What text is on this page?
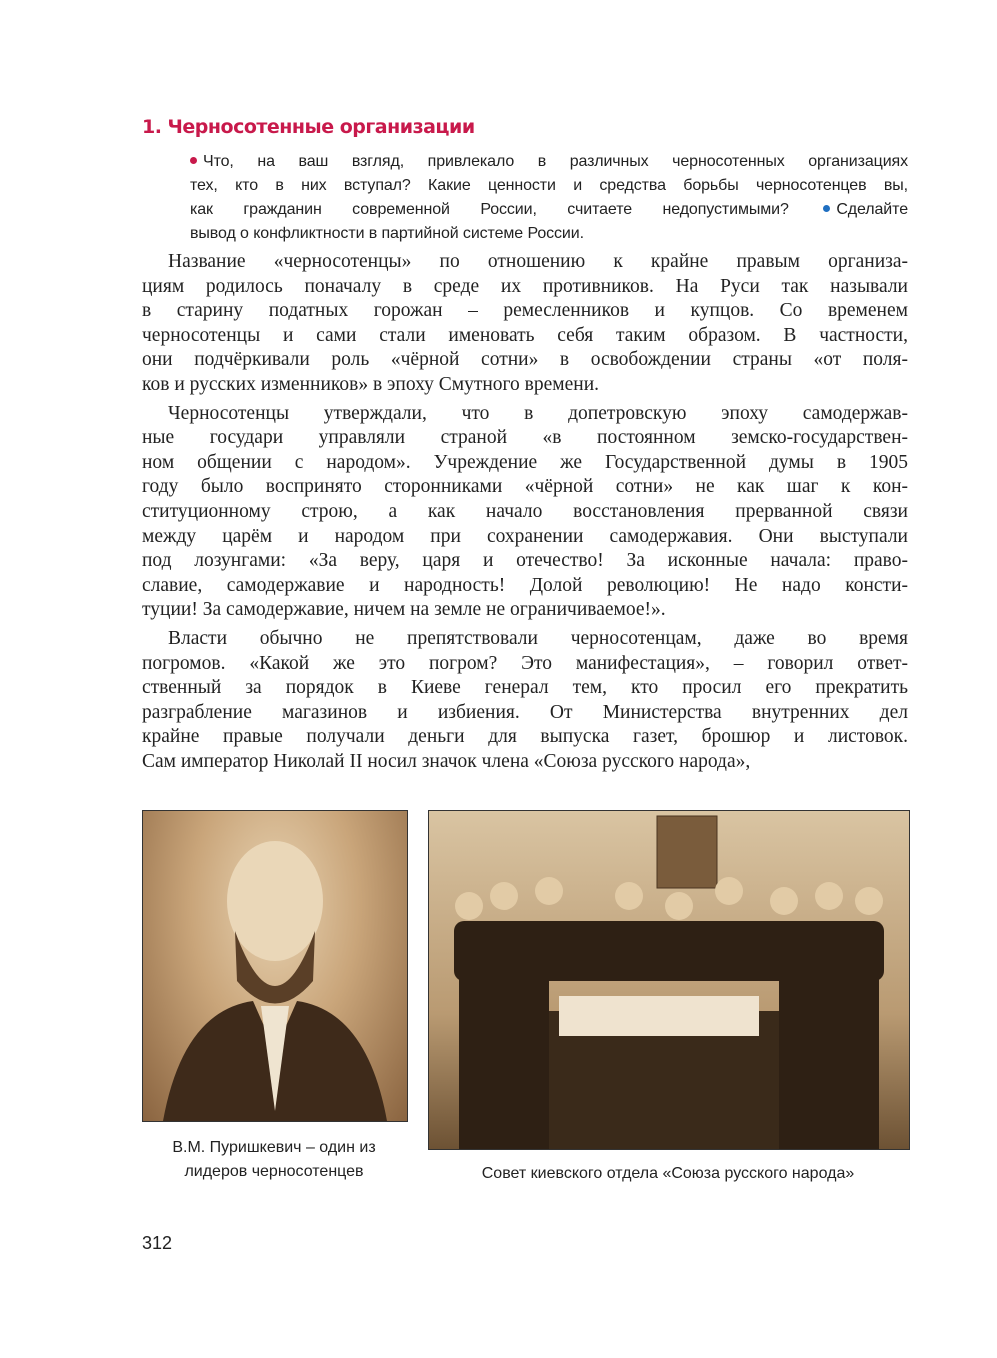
1. Черносотенные организации
Что, на ваш взгляд, привлекало в различных черносотенных организациях
тех, кто в них вступал? Какие ценности и средства борьбы черносотенцев вы,
как гражданин современной России, считаете недопустимыми?	Сделайте
вывод о конфликтности в партийной системе России.
Название «черносотенцы» по отношению к крайне правым организа-
циям родилось поначалу в среде их противников. На Руси так называли
в старину податных горожан – ремесленников и купцов. Со временем
черносотенцы и сами стали именовать себя таким образом. В частности,
они подчёркивали роль «чёрной сотни» в освобождении страны «от поля-
ков и русских изменников» в эпоху Смутного времени.
Черносотенцы утверждали, что в допетровскую эпоху самодержав-
ные государи управляли страной «в постоянном земско-государствен-
ном общении с народом». Учреждение же Государственной думы в 1905
году было воспринято сторонниками «чёрной сотни» не как шаг к кон-
ституционному строю, а как начало восстановления прерванной связи
между царём и народом при сохранении самодержавия. Они выступали
под лозунгами: «За веру, царя и отечество! За исконные начала: право-
славие, самодержавие и народность! Долой революцию! Не надо консти-
туции! За самодержавие, ничем на земле не ограничиваемое!».
Власти обычно не препятствовали черносотенцам, даже во время
погромов. «Какой же это погром? Это манифестация», – говорил ответ-
ственный за порядок в Киеве генерал тем, кто просил его прекратить
разграбление магазинов и избиения. От Министерства внутренних дел
крайне правые получали деньги для выпуска газет, брошюр и листовок.
Сам император Николай II носил значок члена «Союза русского народа»,
В.М. Пуришкевич – один из
лидеров черносотенцев	Совет киевского отдела «Союза русского народа»
312
